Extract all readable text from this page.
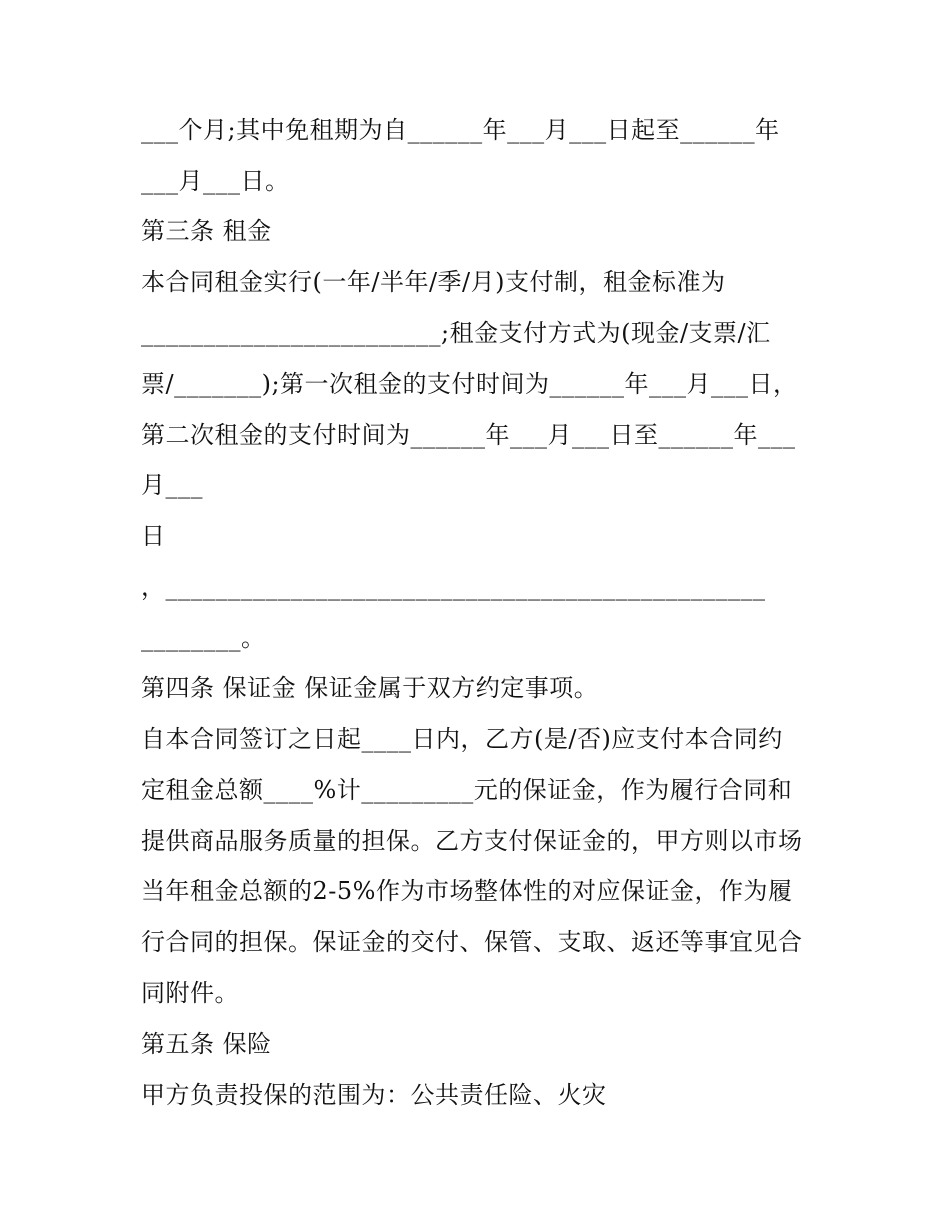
___个月;其中免租期为自______年___月___日起至______年
___月___日。
第三条 租金
本合同租金实行(一年/半年/季/月)支付制，租金标准为
________________________;租金支付方式为(现金/支票/汇
票/_______);第一次租金的支付时间为______年___月___日，
第二次租金的支付时间为______年___月___日至______年___
月___
日
，________________________________________________
________。
第四条 保证金 保证金属于双方约定事项。
自本合同签订之日起____日内，乙方(是/否)应支付本合同约
定租金总额____%计_________元的保证金，作为履行合同和
提供商品服务质量的担保。乙方支付保证金的，甲方则以市场
当年租金总额的2-5%作为市场整体性的对应保证金，作为履
行合同的担保。保证金的交付、保管、支取、返还等事宜见合
同附件。
第五条 保险
甲方负责投保的范围为：公共责任险、火灾
